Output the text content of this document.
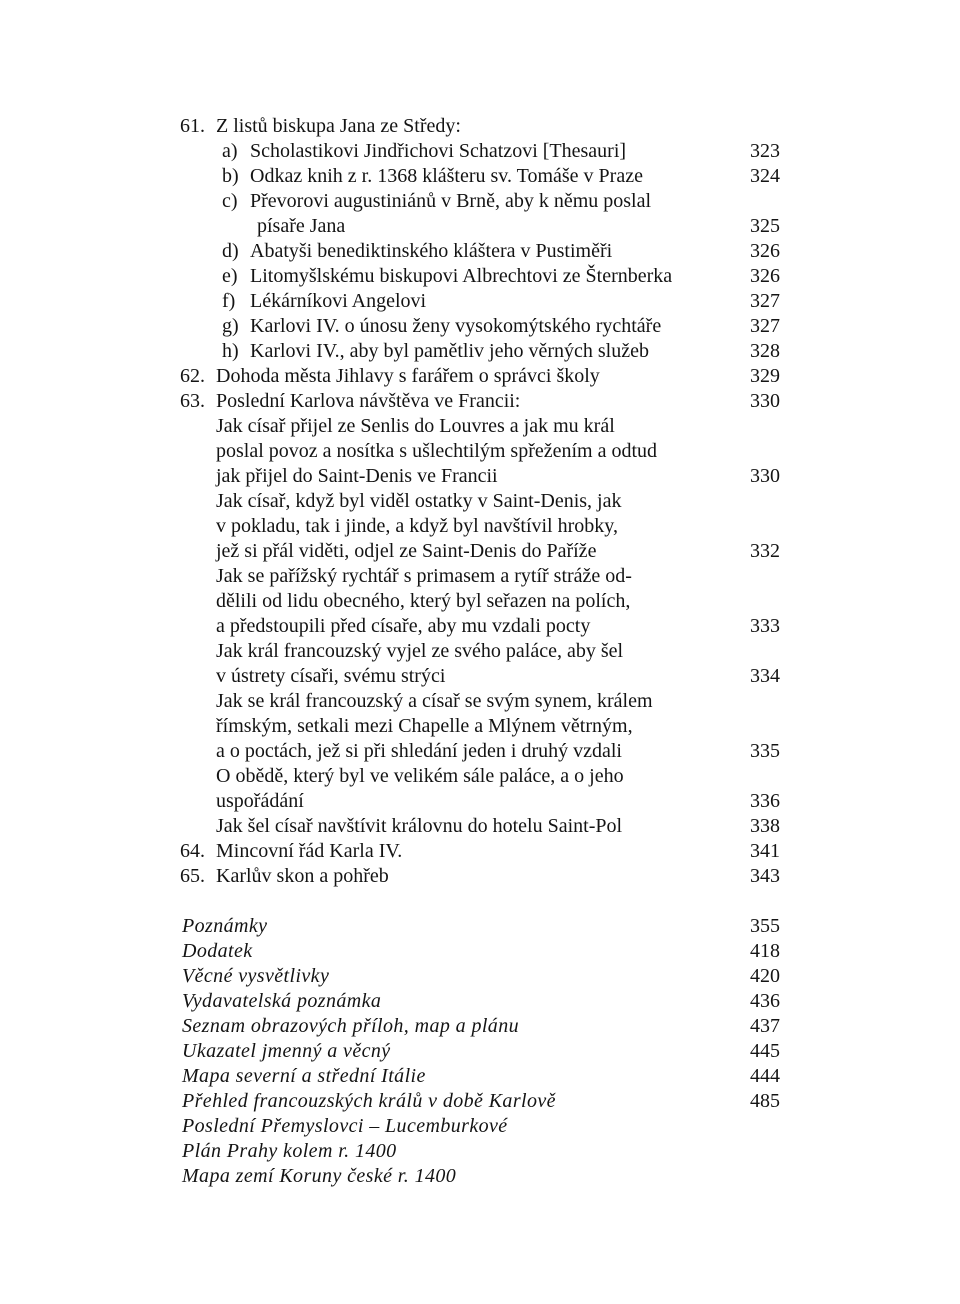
61. Z listů biskupa Jana ze Středy:
a) Scholastikovi Jindřichovi Schatzovi [Thesauri]	323
b) Odkaz knih z r. 1368 klášteru sv. Tomáše v Praze	324
c) Převorovi augustiniánů v Brně, aby k němu poslal
písaře Jana	325
d) Abatyši benediktinského kláštera v Pustiměři	326
e) Litomyšlskému biskupovi Albrechtovi ze Šternberka	326
f) Lékárníkovi Angelovi	327
g) Karlovi IV. o únosu ženy vysokomýtského rychtáře	327
h) Karlovi IV., aby byl pamětliv jeho věrných služeb	328
62. Dohoda města Jihlavy s farářem o správci školy	329
63. Poslední Karlova návštěva ve Francii:	330
Jak císař přijel ze Senlis do Louvres a jak mu král
poslal povoz a nosítka s ušlechtilým spřežením a odtud
jak přijel do Saint-Denis ve Francii	330
Jak císař, když byl viděl ostatky v Saint-Denis, jak
v pokladu, tak i jinde, a když byl navštívil hrobky,
jež si přál viděti, odjel ze Saint-Denis do Paříže	332
Jak se pařížský rychtář s primasem a rytíř stráže od-
dělili od lidu obecného, který byl seřazen na polích,
a předstoupili před císaře, aby mu vzdali pocty	333
Jak král francouzský vyjel ze svého paláce, aby šel
v ústrety císaři, svému strýci	334
Jak se král francouzský a císař se svým synem, králem
římským, setkali mezi Chapelle a Mlýnem větrným,
a o poctách, jež si při shledání jeden i druhý vzdali	335
O obědě, který byl ve velikém sále paláce, a o jeho
uspořádání	336
Jak šel císař navštívit královnu do hotelu Saint-Pol	338
64. Mincovní řád Karla IV.	341
65. Karlův skon a pohřeb	343
Poznámky	355
Dodatek	418
Věcné vysvětlivky	420
Vydavatelská poznámka	436
Seznam obrazových příloh, map a plánu	437
Ukazatel jmenný a věcný	445
Mapa severní a střední Itálie	444
Přehled francouzských králů v době Karlově	485
Poslední Přemyslovci – Lucemburkové
Plán Prahy kolem r. 1400
Mapa zemí Koruny české r. 1400
